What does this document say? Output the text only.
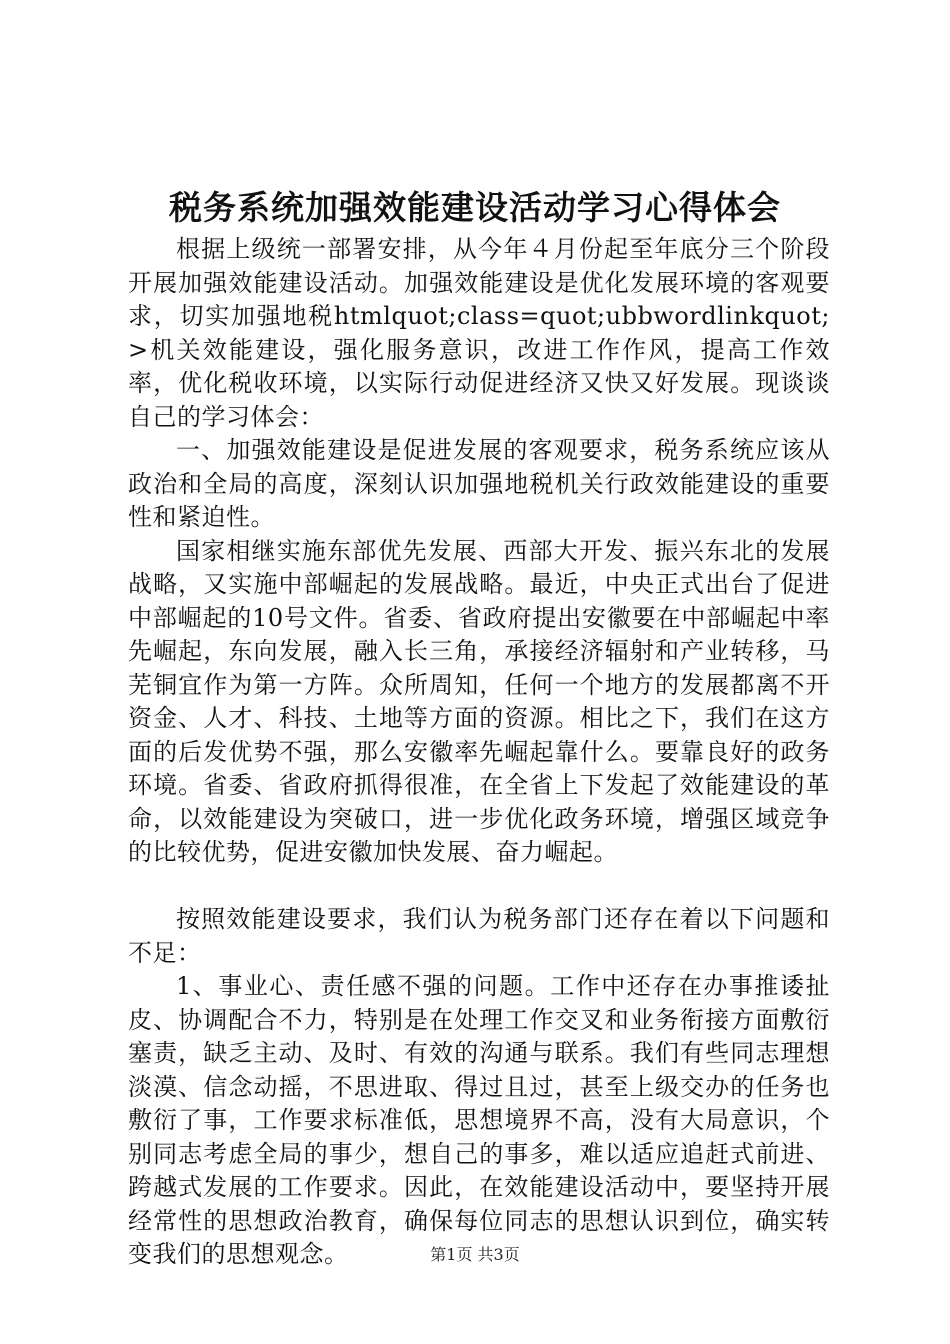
税务系统加强效能建设活动学习心得体会

根据上级统一部署安排，从今年４月份起至年底分三个阶段开展加强效能建设活动。加强效能建设是优化发展环境的客观要求，切实加强地税htmlquot;class=quot;ubbwordlinkquot;>机关效能建设，强化服务意识，改进工作作风，提高工作效率，优化税收环境，以实际行动促进经济又快又好发展。现谈谈自己的学习体会：

一、加强效能建设是促进发展的客观要求，税务系统应该从政治和全局的高度，深刻认识加强地税机关行政效能建设的重要性和紧迫性。

国家相继实施东部优先发展、西部大开发、振兴东北的发展战略，又实施中部崛起的发展战略。最近，中央正式出台了促进中部崛起的10号文件。省委、省政府提出安徽要在中部崛起中率先崛起，东向发展，融入长三角，承接经济辐射和产业转移，马芜铜宜作为第一方阵。众所周知，任何一个地方的发展都离不开资金、人才、科技、土地等方面的资源。相比之下，我们在这方面的后发优势不强，那么安徽率先崛起靠什么。要靠良好的政务环境。省委、省政府抓得很准，在全省上下发起了效能建设的革命，以效能建设为突破口，进一步优化政务环境，增强区域竞争的比较优势，促进安徽加快发展、奋力崛起。

按照效能建设要求，我们认为税务部门还存在着以下问题和不足：

1、事业心、责任感不强的问题。工作中还存在办事推诿扯皮、协调配合不力，特别是在处理工作交叉和业务衔接方面敷衍塞责，缺乏主动、及时、有效的沟通与联系。我们有些同志理想淡漠、信念动摇，不思进取、得过且过，甚至上级交办的任务也敷衍了事，工作要求标准低，思想境界不高，没有大局意识，个别同志考虑全局的事少，想自己的事多，难以适应追赶式前进、跨越式发展的工作要求。因此，在效能建设活动中，要坚持开展经常性的思想政治教育，确保每位同志的思想认识到位，确实转变我们的思想观念。	第1页 共3页
